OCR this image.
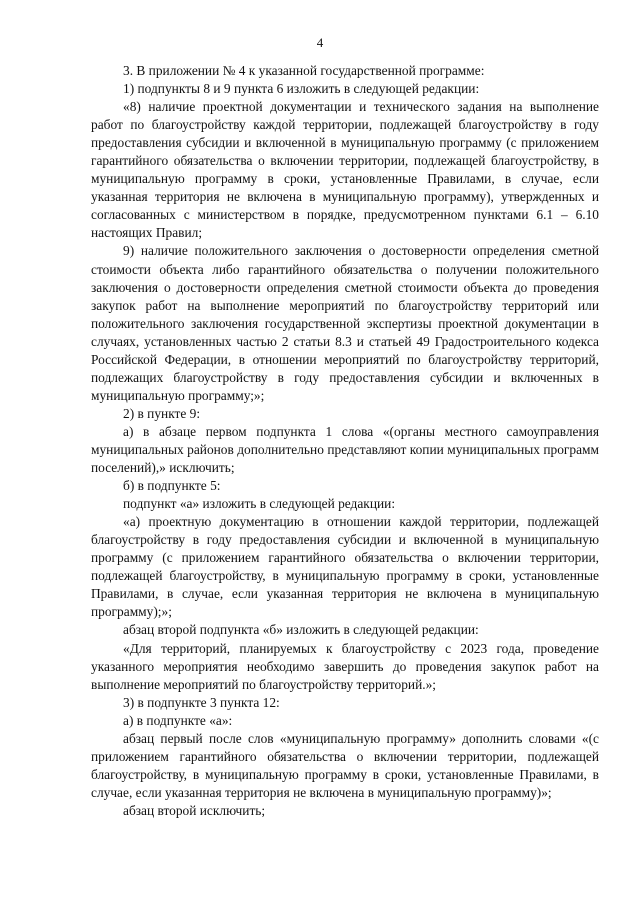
4

3. В приложении № 4 к указанной государственной программе:

1) подпункты 8 и 9 пункта 6 изложить в следующей редакции:

«8) наличие проектной документации и технического задания на выполнение работ по благоустройству каждой территории, подлежащей благоустройству в году предоставления субсидии и включенной в муниципальную программу (с приложением гарантийного обязательства о включении территории, подлежащей благоустройству, в муниципальную программу в сроки, установленные Правилами, в случае, если указанная территория не включена в муниципальную программу), утвержденных и согласованных с министерством в порядке, предусмотренном пунктами 6.1 – 6.10 настоящих Правил;

9) наличие положительного заключения о достоверности определения сметной стоимости объекта либо гарантийного обязательства о получении положительного заключения о достоверности определения сметной стоимости объекта до проведения закупок работ на выполнение мероприятий по благоустройству территорий или положительного заключения государственной экспертизы проектной документации в случаях, установленных частью 2 статьи 8.3 и статьей 49 Градостроительного кодекса Российской Федерации, в отношении мероприятий по благоустройству территорий, подлежащих благоустройству в году предоставления субсидии и включенных в муниципальную программу;»;

2) в пункте 9:

а) в абзаце первом подпункта 1 слова «(органы местного самоуправления муниципальных районов дополнительно представляют копии муниципальных программ поселений),» исключить;

б) в подпункте 5:

подпункт «а» изложить в следующей редакции:

«а) проектную документацию в отношении каждой территории, подлежащей благоустройству в году предоставления субсидии и включенной в муниципальную программу (с приложением гарантийного обязательства о включении территории, подлежащей благоустройству, в муниципальную программу в сроки, установленные Правилами, в случае, если указанная территория не включена в муниципальную программу);»;

абзац второй подпункта «б» изложить в следующей редакции:

«Для территорий, планируемых к благоустройству с 2023 года, проведение указанного мероприятия необходимо завершить до проведения закупок работ на выполнение мероприятий по благоустройству территорий.»;

3) в подпункте 3 пункта 12:

а) в подпункте «а»:

абзац первый после слов «муниципальную программу» дополнить словами «(с приложением гарантийного обязательства о включении территории, подлежащей благоустройству, в муниципальную программу в сроки, установленные Правилами, в случае, если указанная территория не включена в муниципальную программу)»;

абзац второй исключить;
